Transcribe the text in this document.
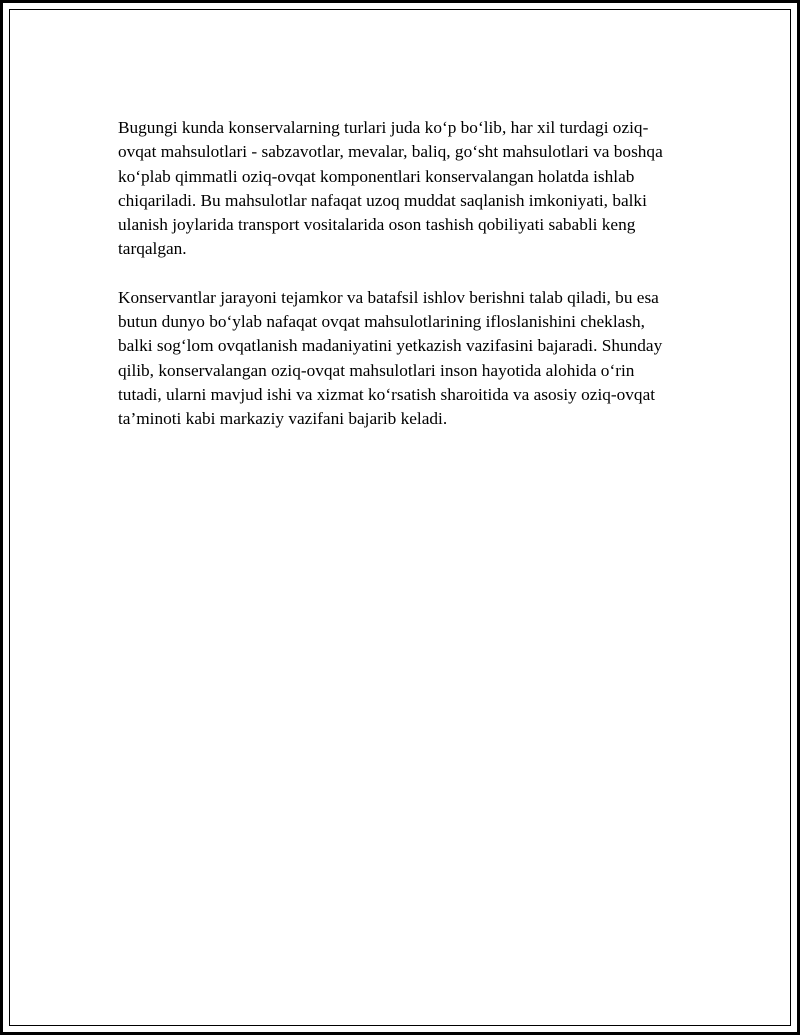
Bugungi kunda konservalarning turlari juda ko‘p bo‘lib, har xil turdagi oziq-ovqat mahsulotlari - sabzavotlar, mevalar, baliq, go‘sht mahsulotlari va boshqa ko‘plab qimmatli oziq-ovqat komponentlari konservalangan holatda ishlab chiqariladi. Bu mahsulotlar nafaqat uzoq muddat saqlanish imkoniyati, balki ulanish joylarida transport vositalarida oson tashish qobiliyati sababli keng tarqalgan.

Konservantlar jarayoni tejamkor va batafsil ishlov berishni talab qiladi, bu esa butun dunyo bo‘ylab nafaqat ovqat mahsulotlarining ifloslanishini cheklash, balki sog‘lom ovqatlanish madaniyatini yetkazish vazifasini bajaradi. Shunday qilib, konservalangan oziq-ovqat mahsulotlari inson hayotida alohida o‘rin tutadi, ularni mavjud ishi va xizmat ko‘rsatish sharoitida va asosiy oziq-ovqat ta’minoti kabi markaziy vazifani bajarib keladi.
